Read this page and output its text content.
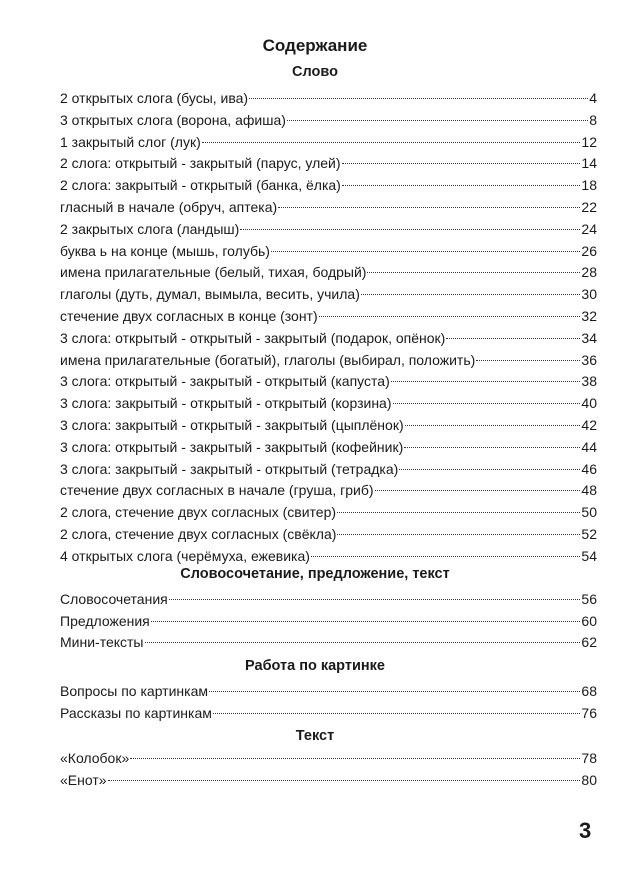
Содержание
Слово
2 открытых слога (бусы, ива)	4
3 открытых слога (ворона, афиша)	8
1 закрытый слог (лук)	12
2 слога: открытый - закрытый (парус, улей)	14
2 слога: закрытый - открытый (банка, ёлка)	18
гласный в начале (обруч, аптека)	22
2 закрытых слога (ландыш)	24
буква ь на конце (мышь, голубь)	26
имена прилагательные (белый, тихая, бодрый)	28
глаголы (дуть, думал, вымыла, весить, учила)	30
стечение двух согласных в конце (зонт)	32
3 слога: открытый - открытый - закрытый (подарок, опёнок)	34
имена прилагательные (богатый), глаголы (выбирал, положить)	36
3 слога: открытый - закрытый - открытый (капуста)	38
3 слога: закрытый - открытый - открытый (корзина)	40
3 слога: закрытый - открытый - закрытый (цыплёнок)	42
3 слога: открытый - закрытый - закрытый (кофейник)	44
3 слога: закрытый - закрытый - открытый (тетрадка)	46
стечение двух согласных в начале (груша, гриб)	48
2 слога, стечение двух согласных (свитер)	50
2 слога, стечение двух согласных (свёкла)	52
4 открытых слога (черёмуха, ежевика)	54
Словосочетание, предложение, текст
Словосочетания	56
Предложения	60
Мини-тексты	62
Работа по картинке
Вопросы по картинкам	68
Рассказы по картинкам	76
Текст
«Колобок»	78
«Енот»	80
3
